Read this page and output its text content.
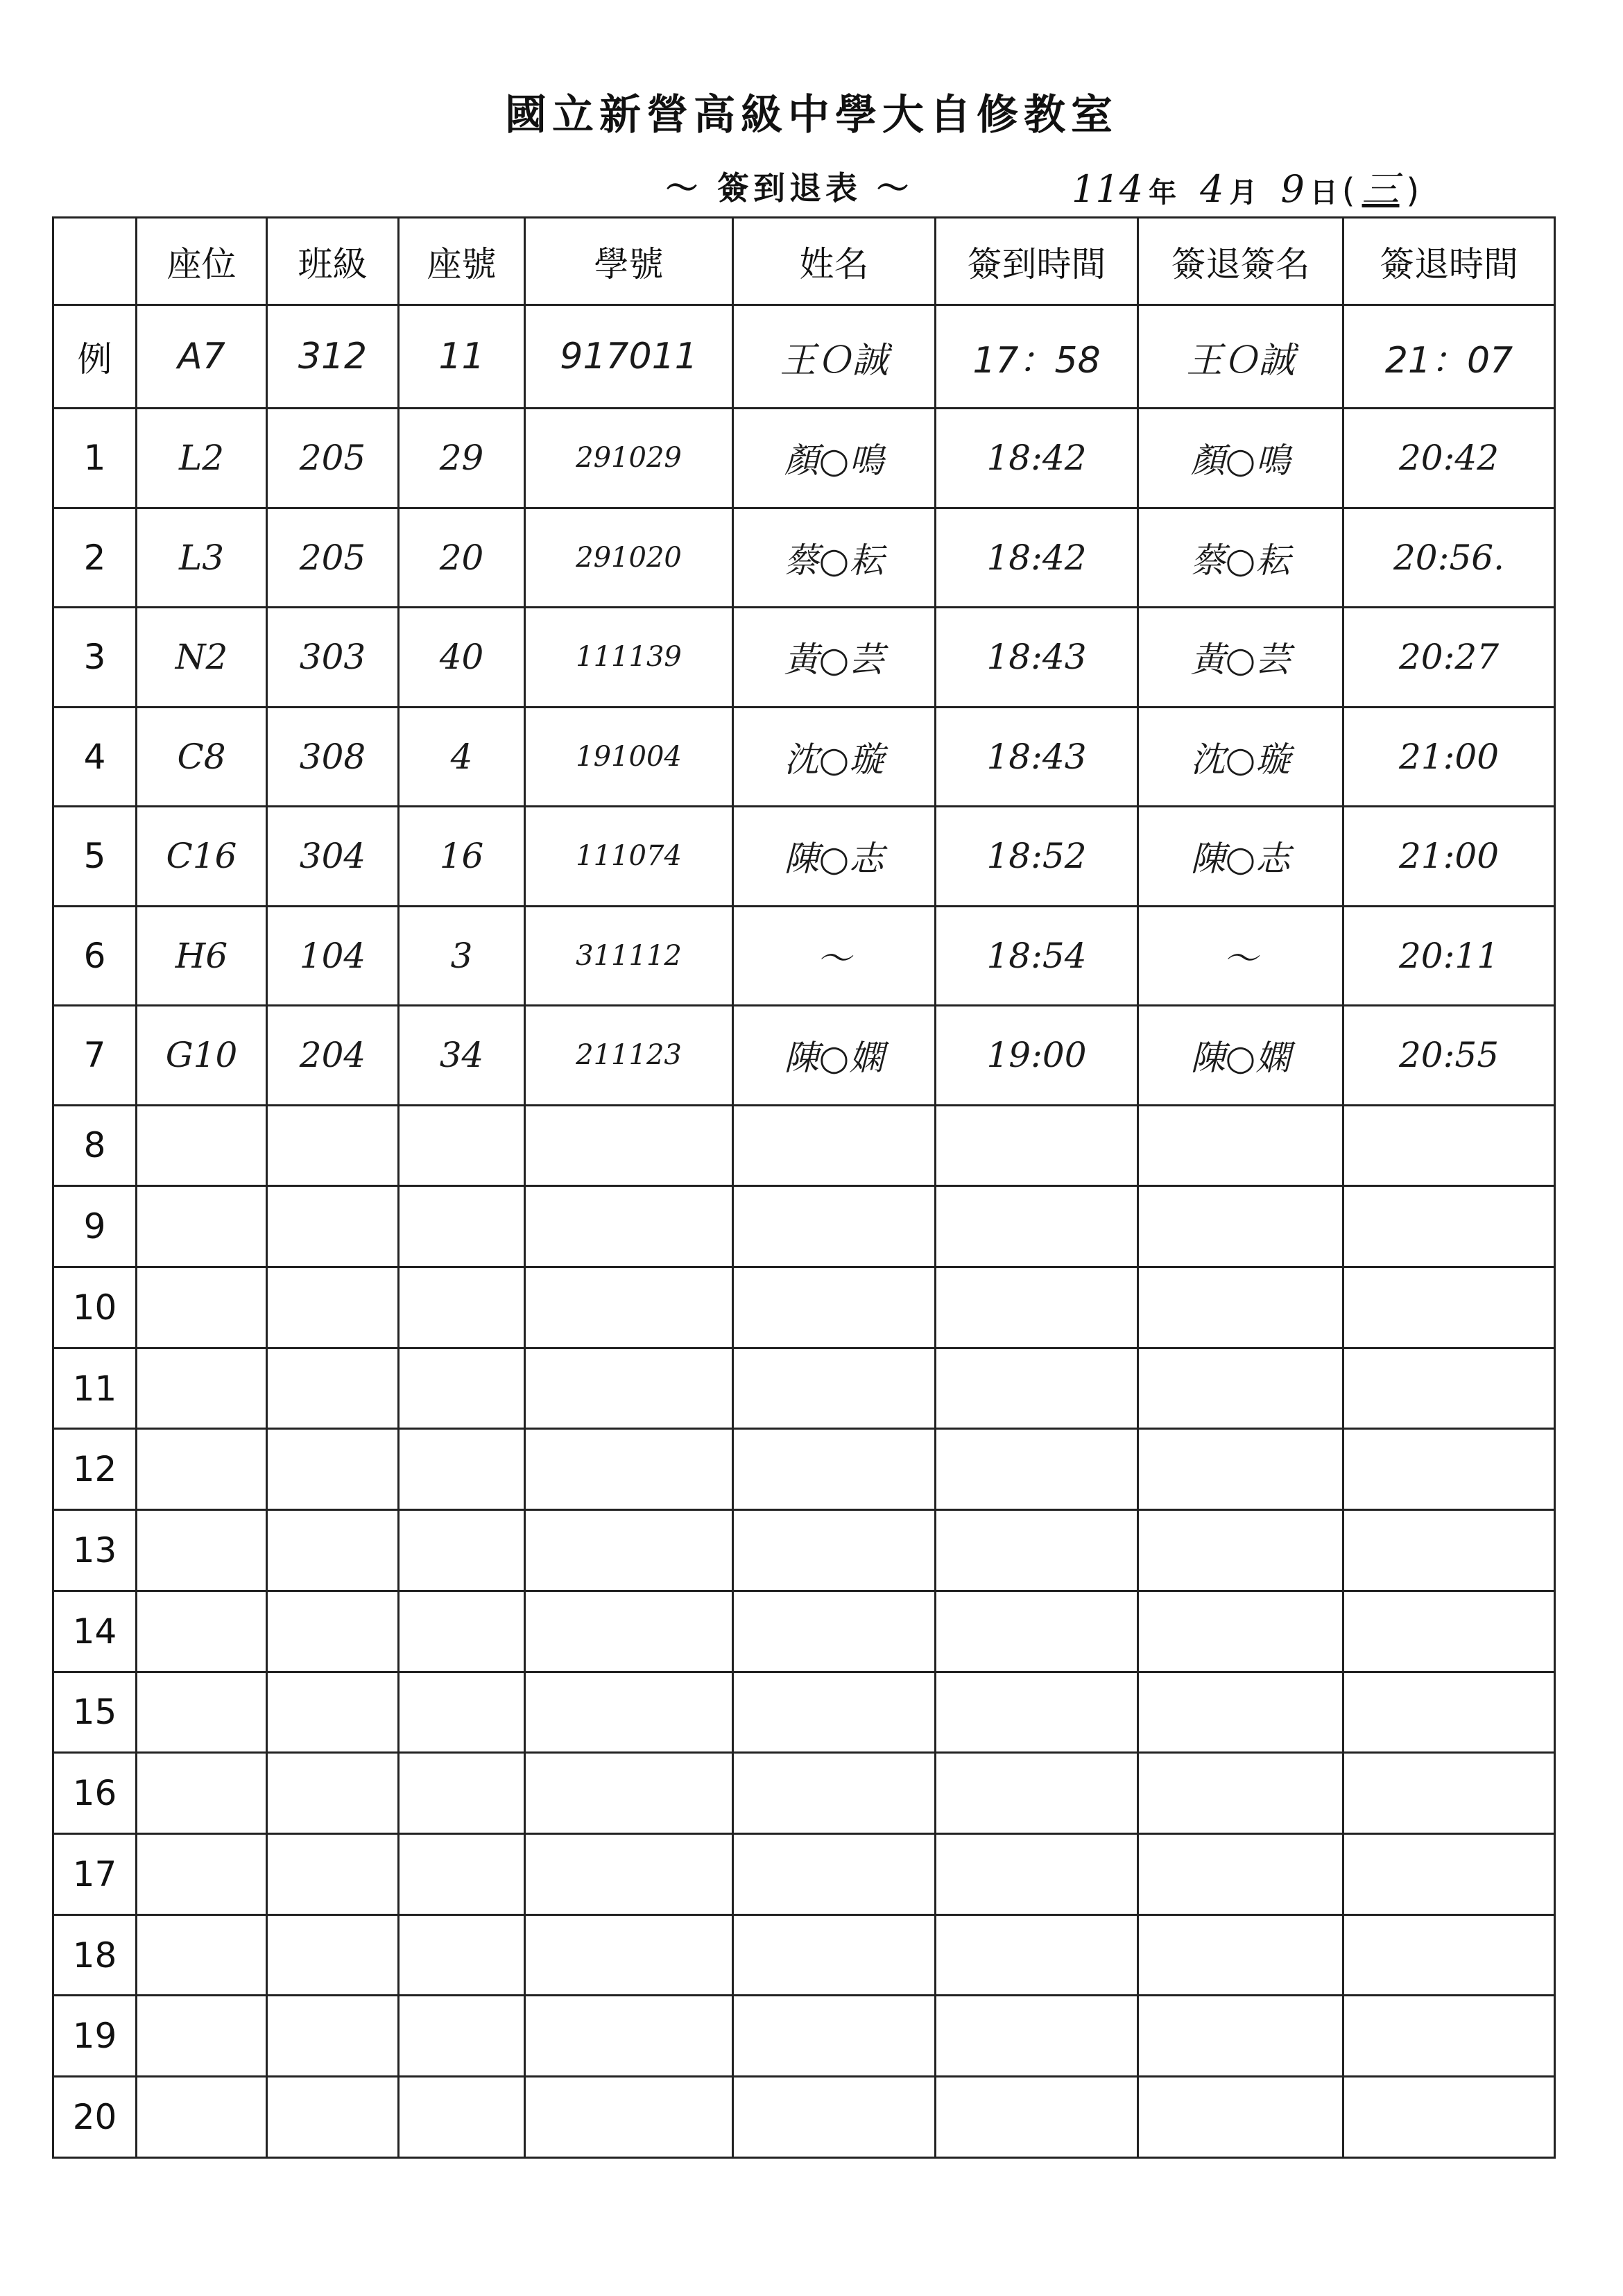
國立新營高級中學大自修教室
～ 簽到退表 ～	114 年 4 月 9 日 ( 三 )
	座位	班級	座號	學號	姓名	簽到時間	簽退簽名	簽退時間
例	A7	312	11	917011	王Ｏ誠	17：58	王Ｏ誠	21：07
1	L2	205	29	291029	顏○鳴	18:42	顏○鳴	20:42
2	L3	205	20	291020	蔡○耘	18:42	蔡○耘	20:56.
3	N2	303	40	111139	黃○芸	18:43	黃○芸	20:27
4	C8	308	4	191004	沈○璇	18:43	沈○璇	21:00
5	C16	304	16	111074	陳○志	18:52	陳○志	21:00
6	H6	104	3	311112	～	18:54	～	20:11
7	G10	204	34	211123	陳○嫻	19:00	陳○嫻	20:55
8								
9								
10								
11								
12								
13								
14								
15								
16								
17								
18								
19								
20								
